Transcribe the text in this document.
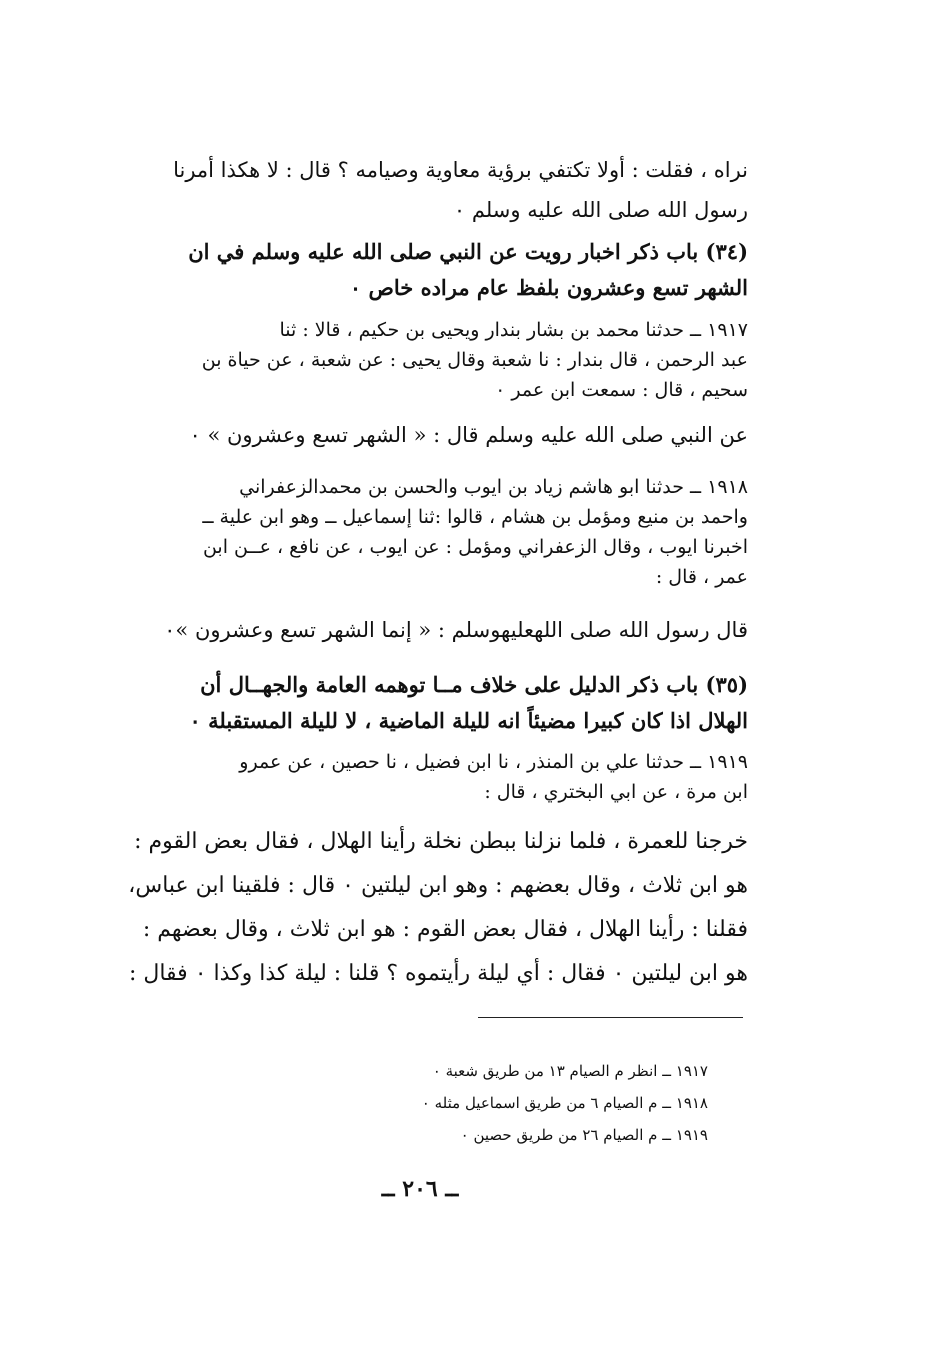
نراه ، فقلت : أولا تكتفي برؤية معاوية وصيامه ؟ قال : لا هكذا أمرنا
رسول الله صلى الله عليه وسلم ٠
(٣٤) باب ذكر اخبار رويت عن النبي صلى الله عليه وسلم في ان
الشهر تسع وعشرون بلفظ عام مراده خاص ٠
١٩١٧ ــ حدثنا محمد بن بشار بندار ويحيى بن حكيم ، قالا : ثنا
عبد الرحمن ، قال بندار : نا شعبة وقال يحيى : عن شعبة ، عن حياة بن
سحيم ، قال : سمعت ابن عمر ٠
عن النبي صلى الله عليه وسلم قال : « الشهر تسع وعشرون » ٠
١٩١٨ ــ حدثنا ابو هاشم زياد بن ايوب والحسن بن محمدالزعفراني
واحمد بن منيع ومؤمل بن هشام ، قالوا :ثنا إسماعيل ــ وهو ابن علية ــ
اخبرنا ايوب ، وقال الزعفراني ومؤمل : عن ايوب ، عن نافع ، عــن ابن
عمر ، قال :
قال رسول الله صلى اللهعليهوسلم : « إنما الشهر تسع وعشرون »٠
(٣٥) باب ذكر الدليل على خلاف مــا توهمه العامة والجهــال أن
الهلال اذا كان كبيرا مضيئاً انه لليلة الماضية ، لا لليلة المستقبلة ٠
١٩١٩ ــ حدثنا علي بن المنذر ، نا ابن فضيل ، نا حصين ، عن عمرو
ابن مرة ، عن ابي البختري ، قال :
خرجنا للعمرة ، فلما نزلنا ببطن نخلة رأينا الهلال ، فقال بعض القوم :
هو ابن ثلاث ، وقال بعضهم : وهو ابن ليلتين ٠ قال : فلقينا ابن عباس،
فقلنا : رأينا الهلال ، فقال بعض القوم : هو ابن ثلاث ، وقال بعضهم :
هو ابن ليلتين ٠ فقال : أي ليلة رأيتموه ؟ قلنا : ليلة كذا وكذا ٠ فقال :
١٩١٧ ــ انظر م الصيام ١٣ من طريق شعبة ٠
١٩١٨ ــ م الصيام ٦ من طريق اسماعيل مثله ٠
١٩١٩ ــ م الصيام ٢٦ من طريق حصين ٠
ــ ٢٠٦ ــ
